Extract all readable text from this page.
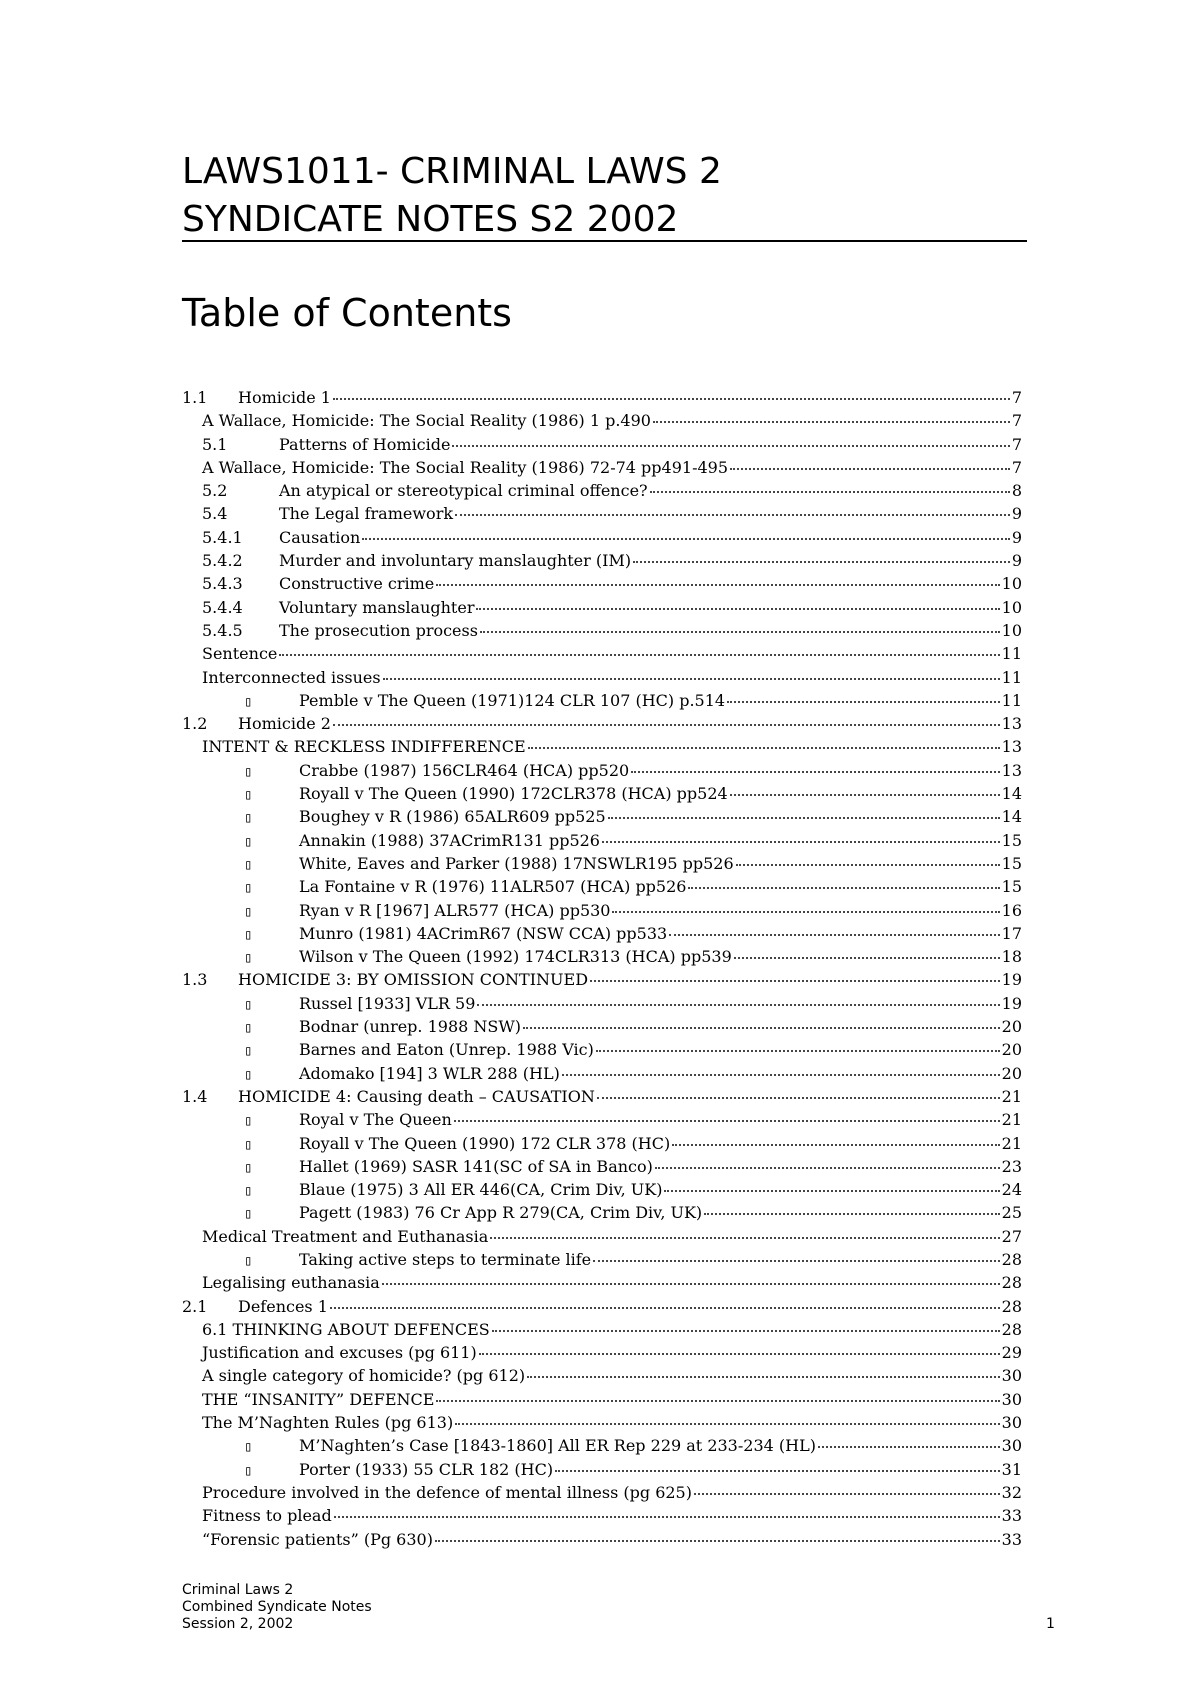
LAWS1011- CRIMINAL LAWS 2
SYNDICATE NOTES S2 2002
Table of Contents
1.1	Homicide 1	7
A Wallace, Homicide: The Social Reality (1986) 1 p.490	7
5.1	Patterns of Homicide	7
A Wallace, Homicide: The Social Reality (1986) 72-74 pp491-495	7
5.2	An atypical or stereotypical criminal offence?	8
5.4	The Legal framework	9
5.4.1	Causation	9
5.4.2	Murder and involuntary manslaughter (IM)	9
5.4.3	Constructive crime	10
5.4.4	Voluntary manslaughter	10
5.4.5	The prosecution process	10
Sentence	11
Interconnected issues	11
▯	Pemble v The Queen (1971)124 CLR 107 (HC) p.514	11
1.2	Homicide 2	13
INTENT & RECKLESS INDIFFERENCE	13
▯	Crabbe (1987) 156CLR464 (HCA) pp520	13
▯	Royall v The Queen (1990) 172CLR378 (HCA) pp524	14
▯	Boughey v R (1986) 65ALR609 pp525	14
▯	Annakin (1988) 37ACrimR131 pp526	15
▯	White, Eaves and Parker (1988) 17NSWLR195 pp526	15
▯	La Fontaine v R (1976) 11ALR507 (HCA) pp526	15
▯	Ryan v R [1967] ALR577 (HCA) pp530	16
▯	Munro (1981) 4ACrimR67 (NSW CCA) pp533	17
▯	Wilson v The Queen (1992) 174CLR313 (HCA) pp539	18
1.3	HOMICIDE 3: BY OMISSION CONTINUED	19
▯	Russel [1933] VLR 59	19
▯	Bodnar (unrep. 1988 NSW)	20
▯	Barnes and Eaton (Unrep. 1988 Vic)	20
▯	Adomako [194] 3 WLR 288 (HL)	20
1.4	HOMICIDE 4: Causing death – CAUSATION	21
▯	Royal v The Queen	21
▯	Royall v The Queen (1990) 172 CLR 378 (HC)	21
▯	Hallet (1969) SASR 141(SC of SA in Banco)	23
▯	Blaue (1975) 3 All ER 446(CA, Crim Div, UK)	24
▯	Pagett (1983) 76 Cr App R 279(CA, Crim Div, UK)	25
Medical Treatment and Euthanasia	27
▯	Taking active steps to terminate life	28
Legalising euthanasia	28
2.1	Defences 1	28
6.1 THINKING ABOUT DEFENCES	28
Justification and excuses (pg 611)	29
A single category of homicide? (pg 612)	30
THE “INSANITY” DEFENCE	30
The M’Naghten Rules (pg 613)	30
▯	M’Naghten’s Case [1843-1860] All ER Rep 229 at 233-234 (HL)	30
▯	Porter (1933) 55 CLR 182 (HC)	31
Procedure involved in the defence of mental illness (pg 625)	32
Fitness to plead	33
“Forensic patients” (Pg 630)	33
Criminal Laws 2
Combined Syndicate Notes
Session 2, 2002	1
